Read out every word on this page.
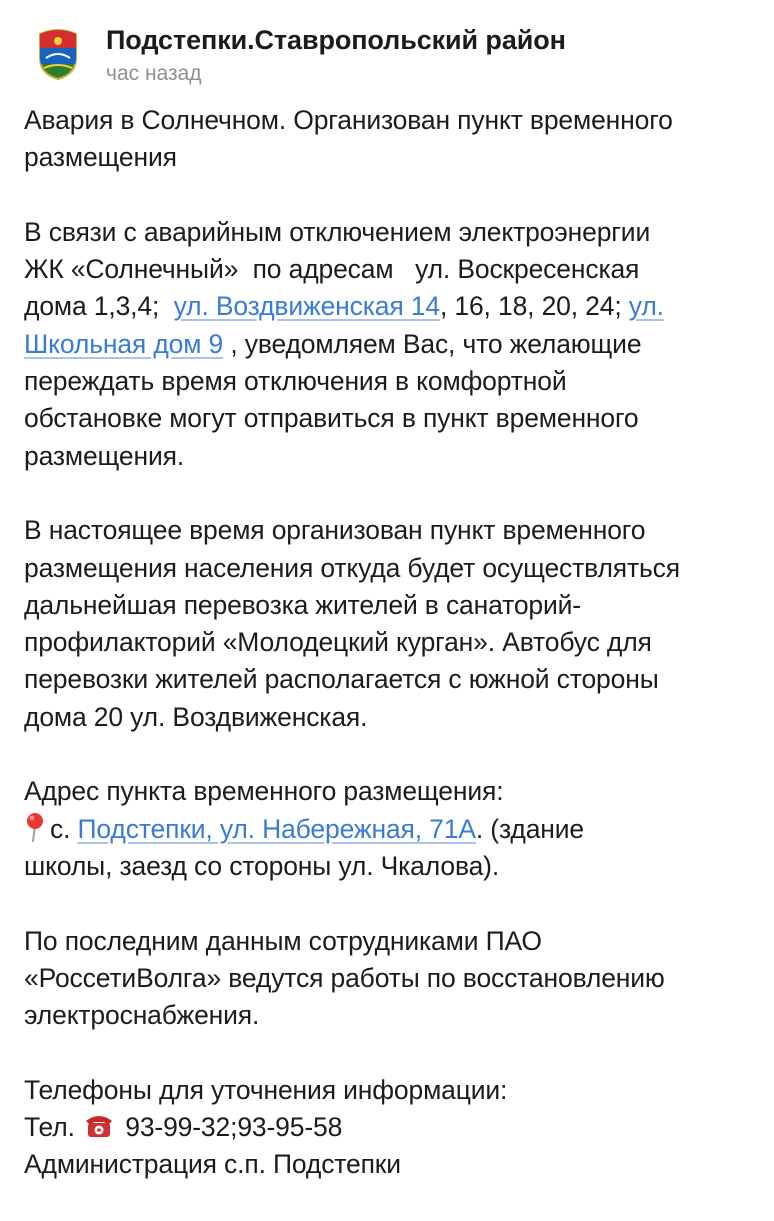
Подстепки.Ставропольский район
час назад
Авария в Солнечном. Организован пункт временного
размещения
В связи с аварийным отключением электроэнергии
ЖК «Солнечный»  по адресам   ул. Воскресенская
дома 1,3,4;  ул. Воздвиженская 14, 16, 18, 20, 24; ул.
Школьная дом 9 , уведомляем Вас, что желающие
переждать время отключения в комфортной
обстановке могут отправиться в пункт временного
размещения.
В настоящее время организован пункт временного
размещения населения откуда будет осуществляться
дальнейшая перевозка жителей в санаторий-
профилакторий «Молодецкий курган». Автобус для
перевозки жителей располагается с южной стороны
дома 20 ул. Воздвиженская.
Адрес пункта временного размещения:
с. Подстепки, ул. Набережная, 71А. (здание
школы, заезд со стороны ул. Чкалова).
По последним данным сотрудниками ПАО
«РоссетиВолга» ведутся работы по восстановлению
электроснабжения.
Телефоны для уточнения информации:
Тел.  93-99-32;93-95-58
Администрация с.п. Подстепки
